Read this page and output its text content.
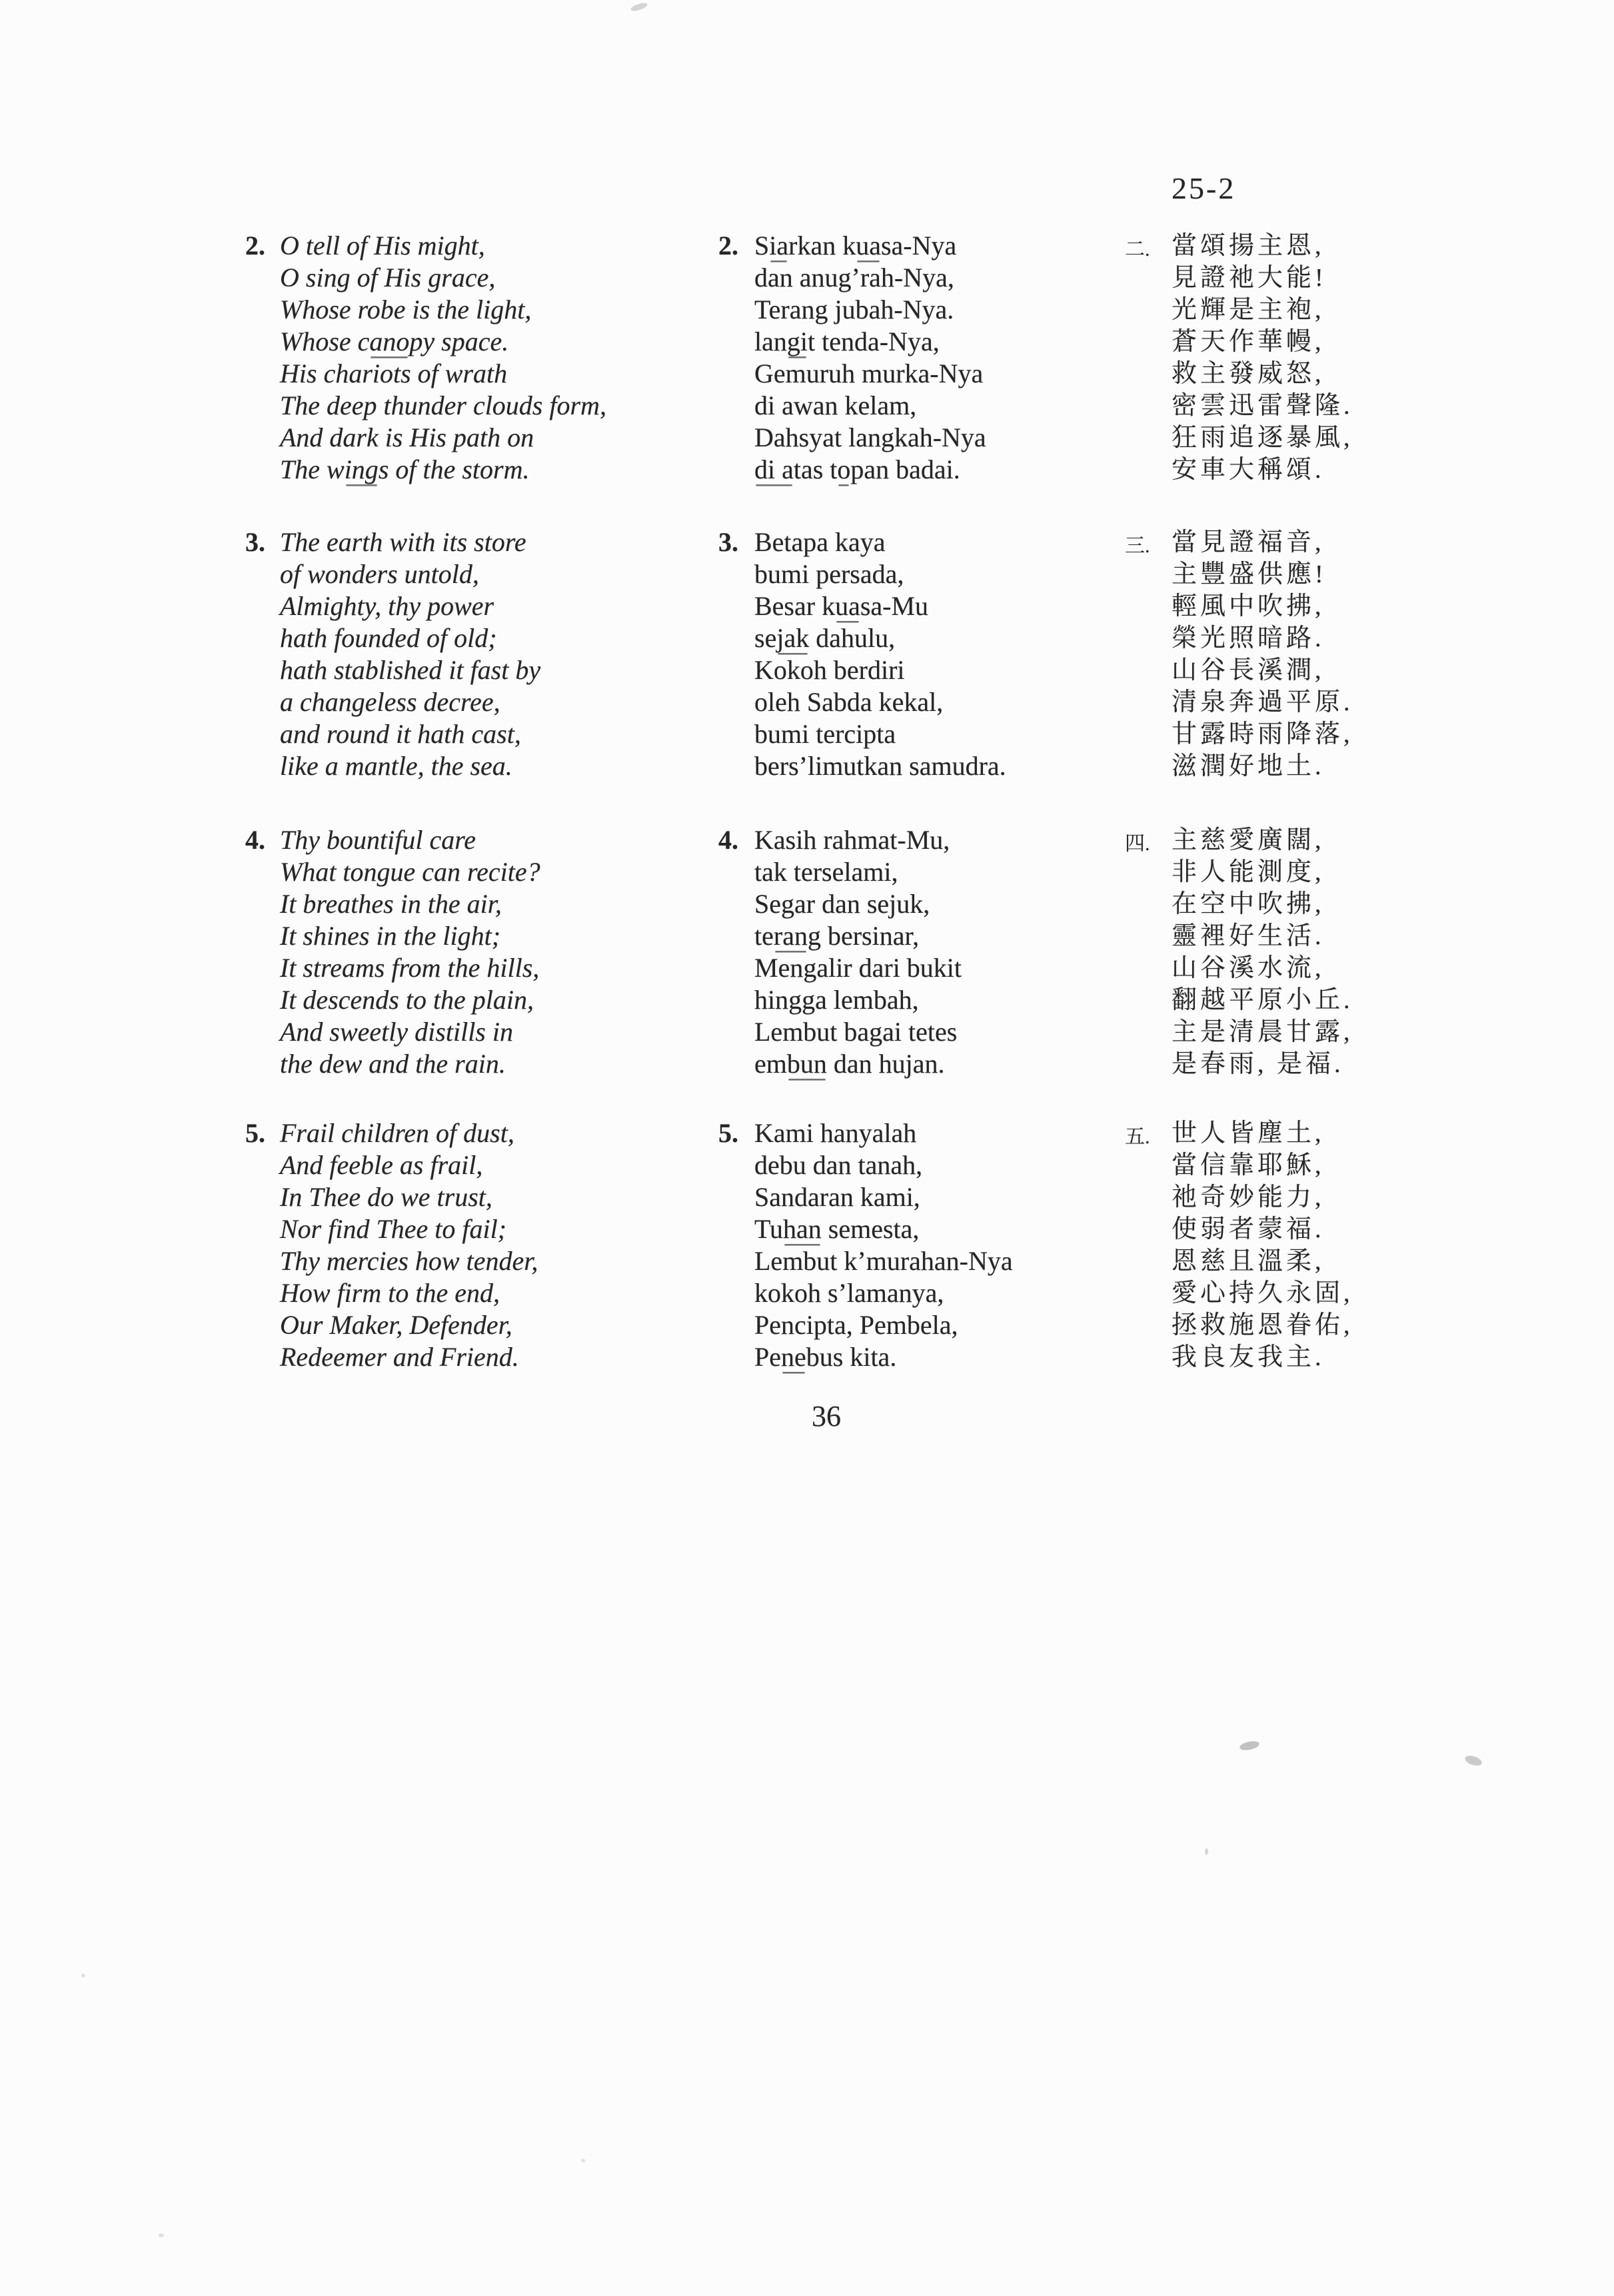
25-2
2. O tell of His might,
O sing of His grace,
Whose robe is the light,
Whose canopy space.
His chariots of wrath
The deep thunder clouds form,
And dark is His path on
The wings of the storm.
2. Siarkan kuasa-Nya
dan anug’rah-Nya,
Terang jubah-Nya.
langit tenda-Nya,
Gemuruh murka-Nya
di awan kelam,
Dahsyat langkah-Nya
di atas topan badai.
二. 當頌揚主恩,
見證祂大能!
光輝是主袍,
蒼天作華幔,
救主發威怒,
密雲迅雷聲隆.
狂雨追逐暴風,
安車大稱頌.
3. The earth with its store
of wonders untold,
Almighty, thy power
hath founded of old;
hath stablished it fast by
a changeless decree,
and round it hath cast,
like a mantle, the sea.
3. Betapa kaya
bumi persada,
Besar kuasa-Mu
sejak dahulu,
Kokoh berdiri
oleh Sabda kekal,
bumi tercipta
bers’limutkan samudra.
三. 當見證福音,
主豐盛供應!
輕風中吹拂,
榮光照暗路.
山谷長溪澗,
清泉奔過平原.
甘露時雨降落,
滋潤好地土.
4. Thy bountiful care
What tongue can recite?
It breathes in the air,
It shines in the light;
It streams from the hills,
It descends to the plain,
And sweetly distills in
the dew and the rain.
4. Kasih rahmat-Mu,
tak terselami,
Segar dan sejuk,
terang bersinar,
Mengalir dari bukit
hingga lembah,
Lembut bagai tetes
embun dan hujan.
四. 主慈愛廣闊,
非人能測度,
在空中吹拂,
靈裡好生活.
山谷溪水流,
翻越平原小丘.
主是清晨甘露,
是春雨, 是福.
5. Frail children of dust,
And feeble as frail,
In Thee do we trust,
Nor find Thee to fail;
Thy mercies how tender,
How firm to the end,
Our Maker, Defender,
Redeemer and Friend.
5. Kami hanyalah
debu dan tanah,
Sandaran kami,
Tuhan semesta,
Lembut k’murahan-Nya
kokoh s’lamanya,
Pencipta, Pembela,
Penebus kita.
五. 世人皆塵土,
當信靠耶穌,
祂奇妙能力,
使弱者蒙福.
恩慈且溫柔,
愛心持久永固,
拯救施恩眷佑,
我良友我主.
36
